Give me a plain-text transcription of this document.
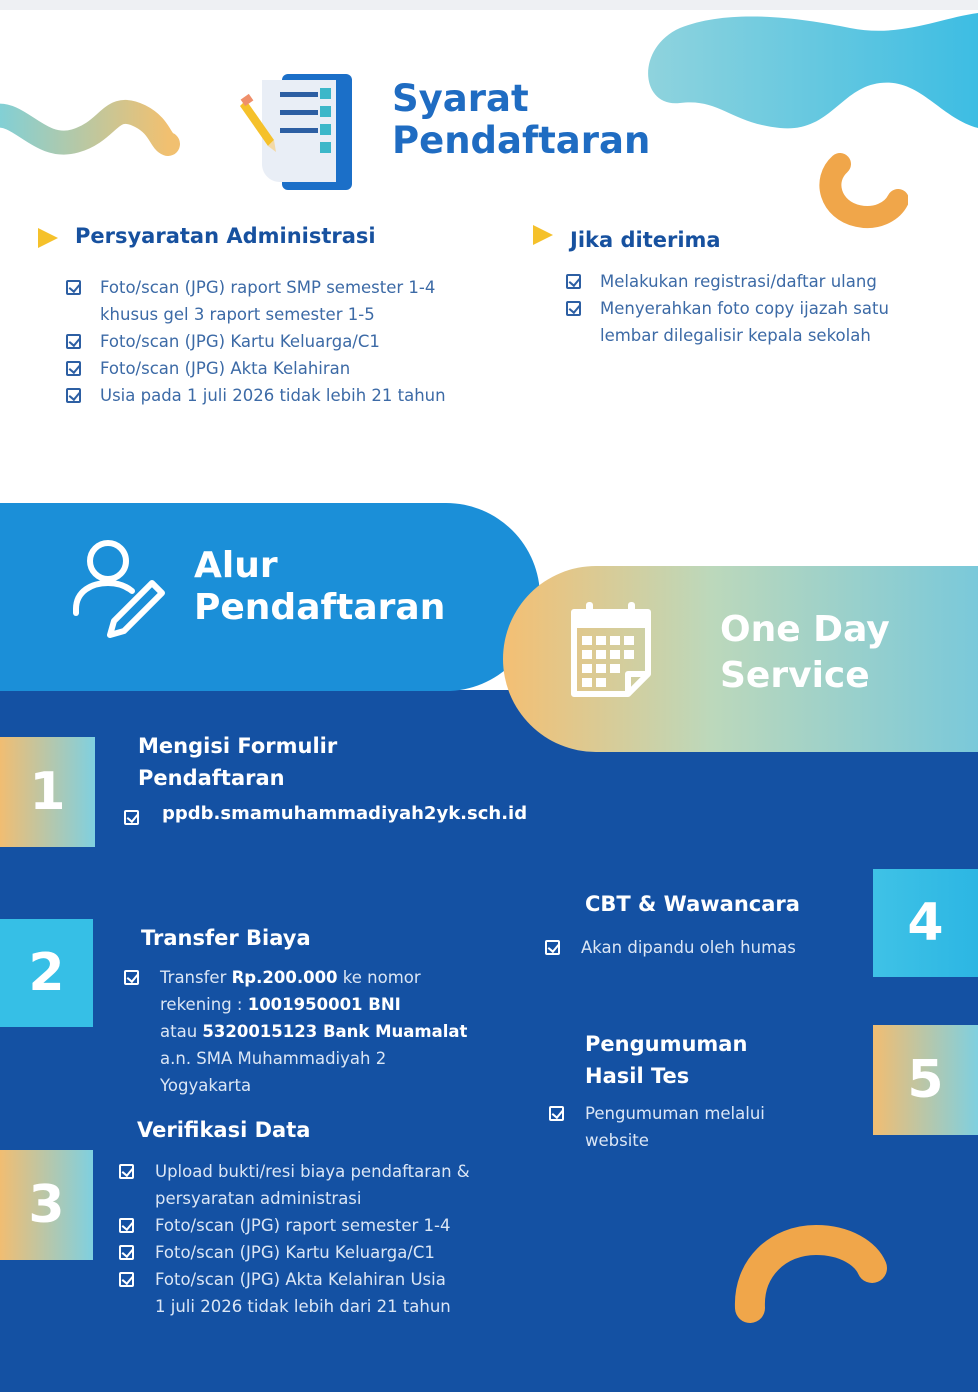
Syarat
Pendaftaran
Persyaratan Administrasi
Foto/scan (JPG) raport SMP semester 1-4
khusus gel 3 raport semester 1-5
Foto/scan (JPG) Kartu Keluarga/C1
Foto/scan (JPG) Akta Kelahiran
Usia pada 1 juli 2026 tidak lebih 21 tahun
Jika diterima
Melakukan registrasi/daftar ulang
Menyerahkan foto copy ijazah satu
lembar dilegalisir kepala sekolah
Alur
Pendaftaran
One Day
Service
1
Mengisi Formulir
Pendaftaran
ppdb.smamuhammadiyah2yk.sch.id
2
Transfer Biaya
Transfer Rp.200.000 ke nomor
rekening : 1001950001 BNI
atau 5320015123 Bank Muamalat
a.n. SMA Muhammadiyah 2
Yogyakarta
3
Verifikasi Data
Upload bukti/resi biaya pendaftaran &
persyaratan administrasi
Foto/scan (JPG) raport semester 1-4
Foto/scan (JPG) Kartu Keluarga/C1
Foto/scan (JPG) Akta Kelahiran Usia
1 juli 2026 tidak lebih dari 21 tahun
4
CBT & Wawancara
Akan dipandu oleh humas
5
Pengumuman
Hasil Tes
Pengumuman melalui
website
